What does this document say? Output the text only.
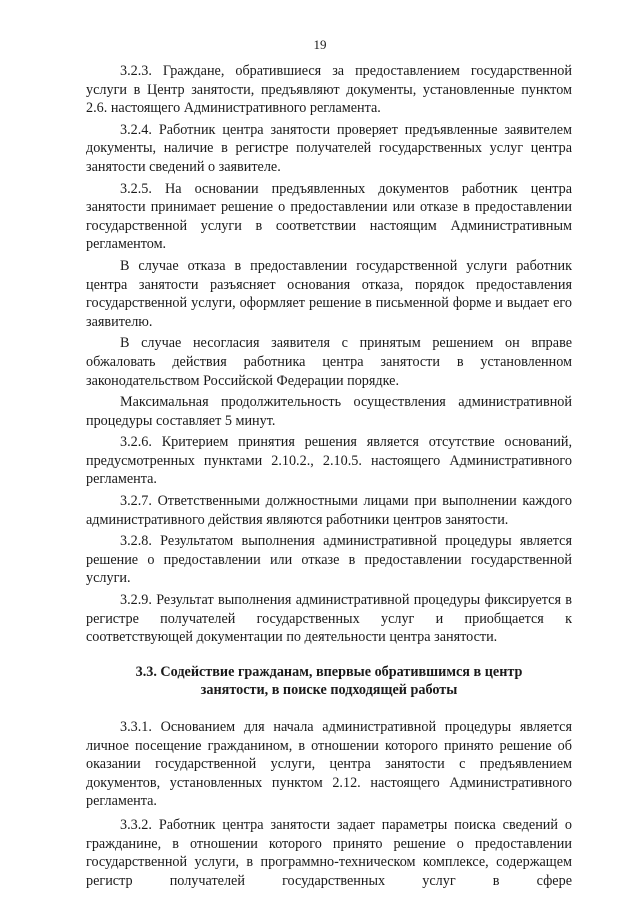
19

3.2.3. Граждане, обратившиеся за предоставлением государственной услуги в Центр занятости, предъявляют документы, установленные пунктом 2.6. настоящего Административного регламента.

3.2.4. Работник центра занятости проверяет предъявленные заявителем документы, наличие в регистре получателей государственных услуг центра занятости сведений о заявителе.

3.2.5. На основании предъявленных документов работник центра занятости принимает решение о предоставлении или отказе в предоставлении государственной услуги в соответствии настоящим Административным регламентом.

В случае отказа в предоставлении государственной услуги работник центра занятости разъясняет основания отказа, порядок предоставления государственной услуги, оформляет решение в письменной форме и выдает его заявителю.

В случае несогласия заявителя с принятым решением он вправе обжаловать действия работника центра занятости в установленном законодательством Российской Федерации порядке.

Максимальная продолжительность осуществления административной процедуры составляет 5 минут.

3.2.6. Критерием принятия решения является отсутствие оснований, предусмотренных пунктами 2.10.2., 2.10.5. настоящего Административного регламента.

3.2.7. Ответственными должностными лицами при выполнении каждого административного действия являются работники центров занятости.

3.2.8. Результатом выполнения административной процедуры является решение о предоставлении или отказе в предоставлении государственной услуги.

3.2.9. Результат выполнения административной процедуры фиксируется в регистре получателей государственных услуг и приобщается к соответствующей документации по деятельности центра занятости.

3.3. Содействие гражданам, впервые обратившимся в центр занятости, в поиске подходящей работы

3.3.1. Основанием для начала административной процедуры является личное посещение гражданином, в отношении которого принято решение об оказании государственной услуги, центра занятости с предъявлением документов, установленных пунктом 2.12. настоящего Административного регламента.

3.3.2. Работник центра занятости задает параметры поиска сведений о гражданине, в отношении которого принято решение о предоставлении государственной услуги, в программно-техническом комплексе, содержащем регистр получателей государственных услуг в сфере
